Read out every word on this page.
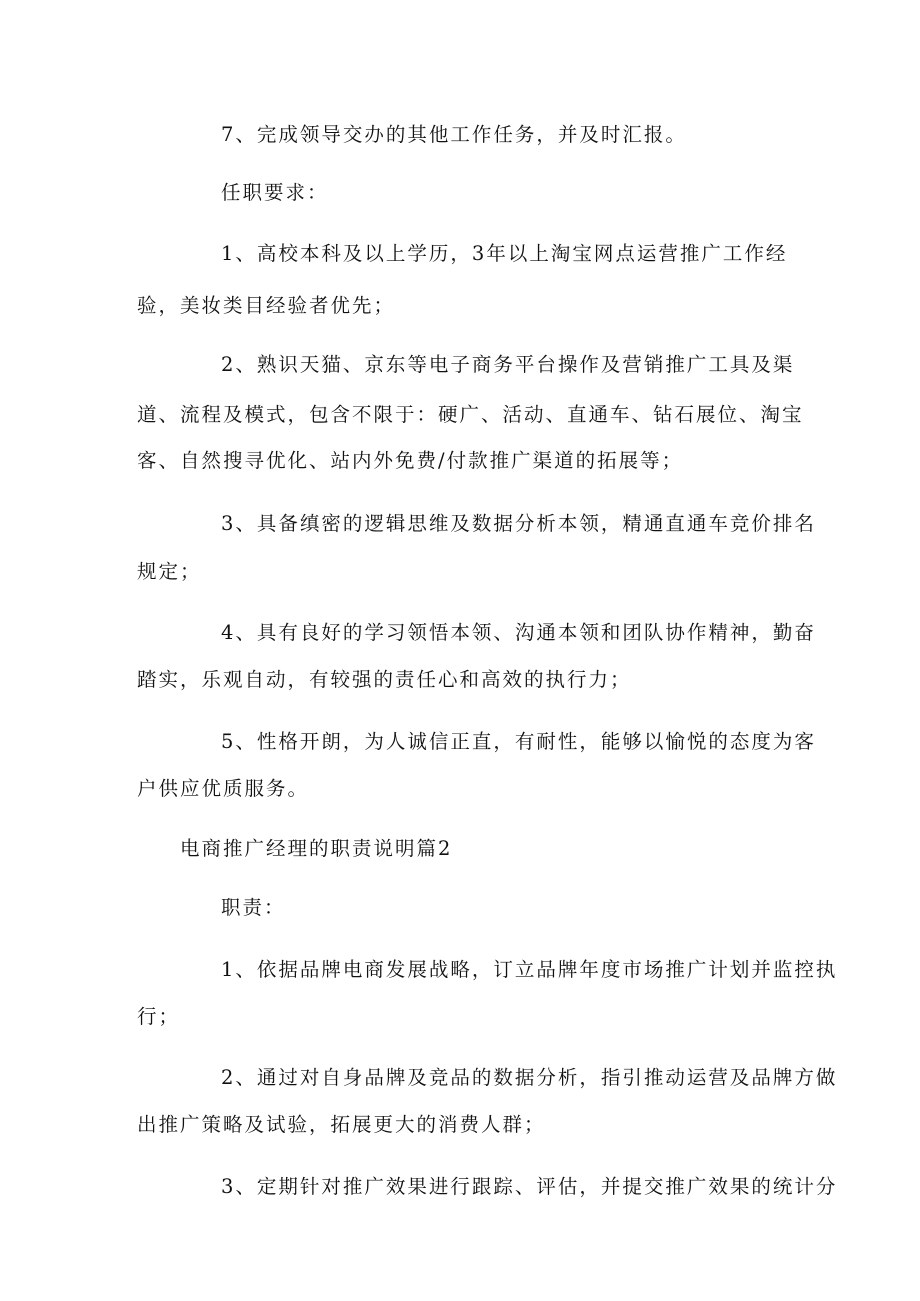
7、完成领导交办的其他工作任务，并及时汇报。
任职要求：
1、高校本科及以上学历，3年以上淘宝网点运营推广工作经
验，美妆类目经验者优先；
2、熟识天猫、京东等电子商务平台操作及营销推广工具及渠
道、流程及模式，包含不限于：硬广、活动、直通车、钻石展位、淘宝
客、自然搜寻优化、站内外免费/付款推广渠道的拓展等；
3、具备缜密的逻辑思维及数据分析本领，精通直通车竞价排名
规定；
4、具有良好的学习领悟本领、沟通本领和团队协作精神，勤奋
踏实，乐观自动，有较强的责任心和高效的执行力；
5、性格开朗，为人诚信正直，有耐性，能够以愉悦的态度为客
户供应优质服务。
电商推广经理的职责说明篇2
职责：
1、依据品牌电商发展战略，订立品牌年度市场推广计划并监控执
行；
2、通过对自身品牌及竞品的数据分析，指引推动运营及品牌方做
出推广策略及试验，拓展更大的消费人群；
3、定期针对推广效果进行跟踪、评估，并提交推广效果的统计分
